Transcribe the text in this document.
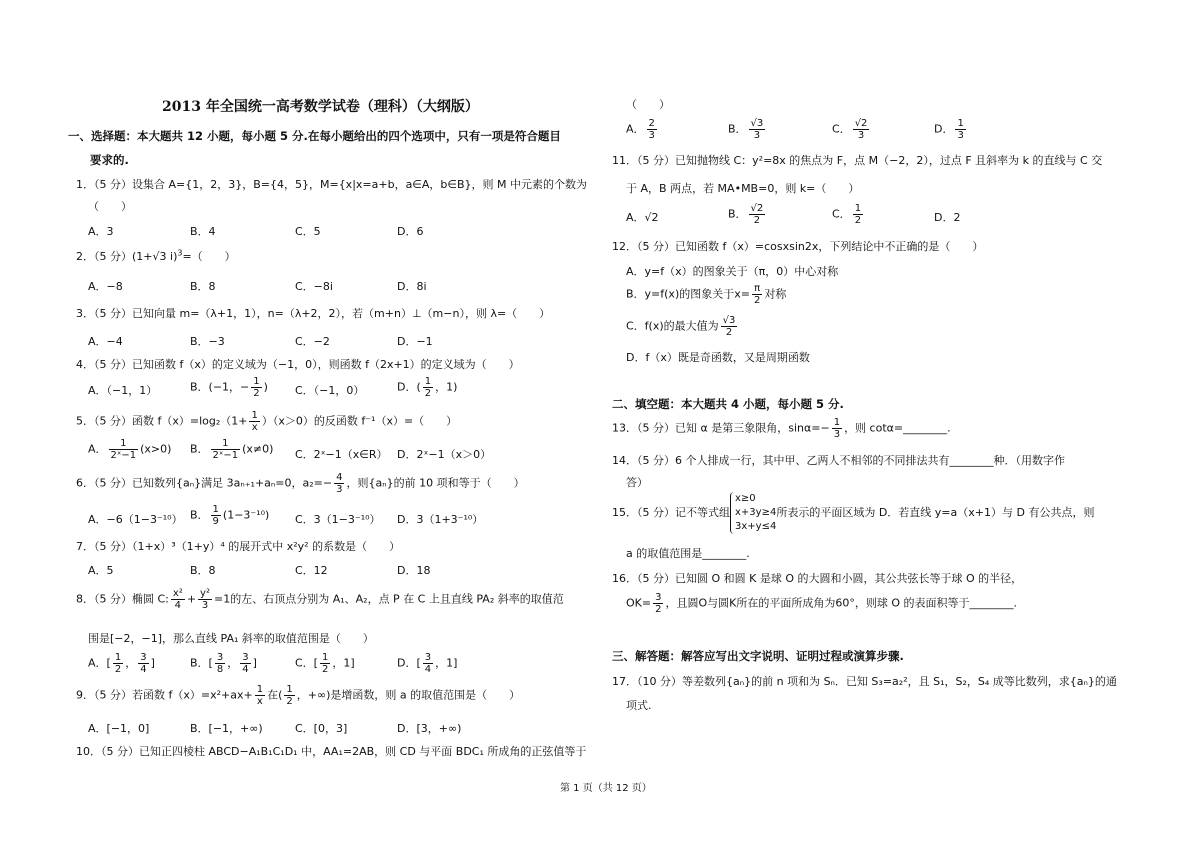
2013 年全国统一高考数学试卷（理科）（大纲版）
一、选择题：本大题共 12 小题，每小题 5 分.在每小题给出的四个选项中，只有一项是符合题目
要求的.
1．（5 分）设集合 A={1，2，3}，B={4，5}，M={x|x=a+b，a∈A，b∈B}，则 M 中元素的个数为
（　　）
A．3	B．4	C．5	D．6
2．（5 分）(1+√3 i)$^3$=（　　）
A．−8	B．8	C．−8i	D．8i
3．（5 分）已知向量 m=（λ+1，1），n=（λ+2，2），若（m+n）⊥（m−n），则 λ=（　　）
A．−4	B．−3	C．−2	D．−1
4．（5 分）已知函数 f（x）的定义域为（−1，0），则函数 f（2x+1）的定义域为（　　）
A．（−1，1）	B．(−1，− $\frac{1}{2}$ ) C．（−1，0）	D．( $\frac{1}{2}$ ，1)
5．（5 分）函数 $f(x)=\log_2(1+ \frac{1}{x} )(x>0)$的反函数 f⁻¹（x）=（　　）
A． $\frac{1}{\text{2ˣ−1}} (x>0)$ B． $\frac{1}{\text{2ˣ−1}} (x\ne 0)$ C．2ˣ−1（x∈R） D．2ˣ−1（x＞0）
6．（5 分）已知数列{aₙ}满足 3aₙ₊₁+aₙ=0，$a_2=- \frac{4}{3}$ ，则{aₙ}的前 10 项和等于（　　）
A．−6（1−3⁻¹⁰） B． $\frac{1}{9} (1-3^{-10})$ C．3（1−3⁻¹⁰） D．3（1+3⁻¹⁰）
7．（5 分）（1+x）³（1+y）⁴ 的展开式中 x²y² 的系数是（　　）
A．5	B．8	C．12	D．18
8．（5 分）椭圆 C: $\frac{\text{x²}}{4} + \frac{\text{y²}}{3} =1$的左、右顶点分别为 A₁、A₂，点 P 在 C 上且直线 PA₂ 斜率的取值范
围是[−2，−1]，那么直线 PA₁ 斜率的取值范围是（　　）
A．[ $\frac{1}{2}$ ， $\frac{3}{4}$ ]	B．[ $\frac{3}{8}$ ， $\frac{3}{4}$ ]	C．[ $\frac{1}{2}$ ，1]	D．[ $\frac{3}{4}$ ，1]
9．（5 分）若函数 $f(x)=x^2+ax+ \frac{1}{x}$ 在( $\frac{1}{2}$ ，+∞)是增函数，则 a 的取值范围是（　　）
A．[−1，0]	B．[−1，+∞)	C．[0，3]	D．[3，+∞)
10．（5 分）已知正四棱柱 ABCD−A₁B₁C₁D₁ 中，AA₁=2AB，则 CD 与平面 BDC₁ 所成角的正弦值等于
第 1 页（共 12 页）
（　　）
A． $\frac{2}{3}$	B． $\frac{√3}{3}$	C． $\frac{√2}{3}$	D． $\frac{1}{3}$
11．（5 分）已知抛物线 C：y²=8x 的焦点为 F，点 M（−2，2），过点 F 且斜率为 k 的直线与 C 交
于 A，B 两点，若 MA•MB=0，则 k=（　　）
A．√2	B． $\frac{√2}{2}$	C． $\frac{1}{2}$	D．2
12．（5 分）已知函数 f（x）=cosxsin2x，下列结论中不正确的是（　　）
A．y=f（x）的图象关于（π，0）中心对称
B．y=f(x)的图象关于$x= \frac{\pi}{2}$ 对称
C．f(x)的最大值为 $\frac{√3}{2}$
D．f（x）既是奇函数，又是周期函数
二、填空题：本大题共 4 小题，每小题 5 分.
13．（5 分）已知 α 是第三象限角，$\sin\alpha=- \frac{1}{3}$ ，则 cotα=________.
14．（5 分）6 个人排成一行，其中甲、乙两人不相邻的不同排法共有________种．（用数字作
答）
15．（5 分）记不等式组
x≥0
x+3y≥4
3x+y≤4
所表示的平面区域为 D．若直线 y=a（x+1）与 D 有公共点，则
a 的取值范围是________.
16．（5 分）已知圆 O 和圆 K 是球 O 的大圆和小圆，其公共弦长等于球 O 的半径，
$OK= \frac{3}{2}$ ，且圆O与圆K所在的平面所成角为60°，则球 O 的表面积等于________.
三、解答题：解答应写出文字说明、证明过程或演算步骤.
17．（10 分）等差数列{aₙ}的前 n 项和为 Sₙ．已知 S₃=a₂²，且 S₁，S₂，S₄ 成等比数列，求{aₙ}的通
项式.
